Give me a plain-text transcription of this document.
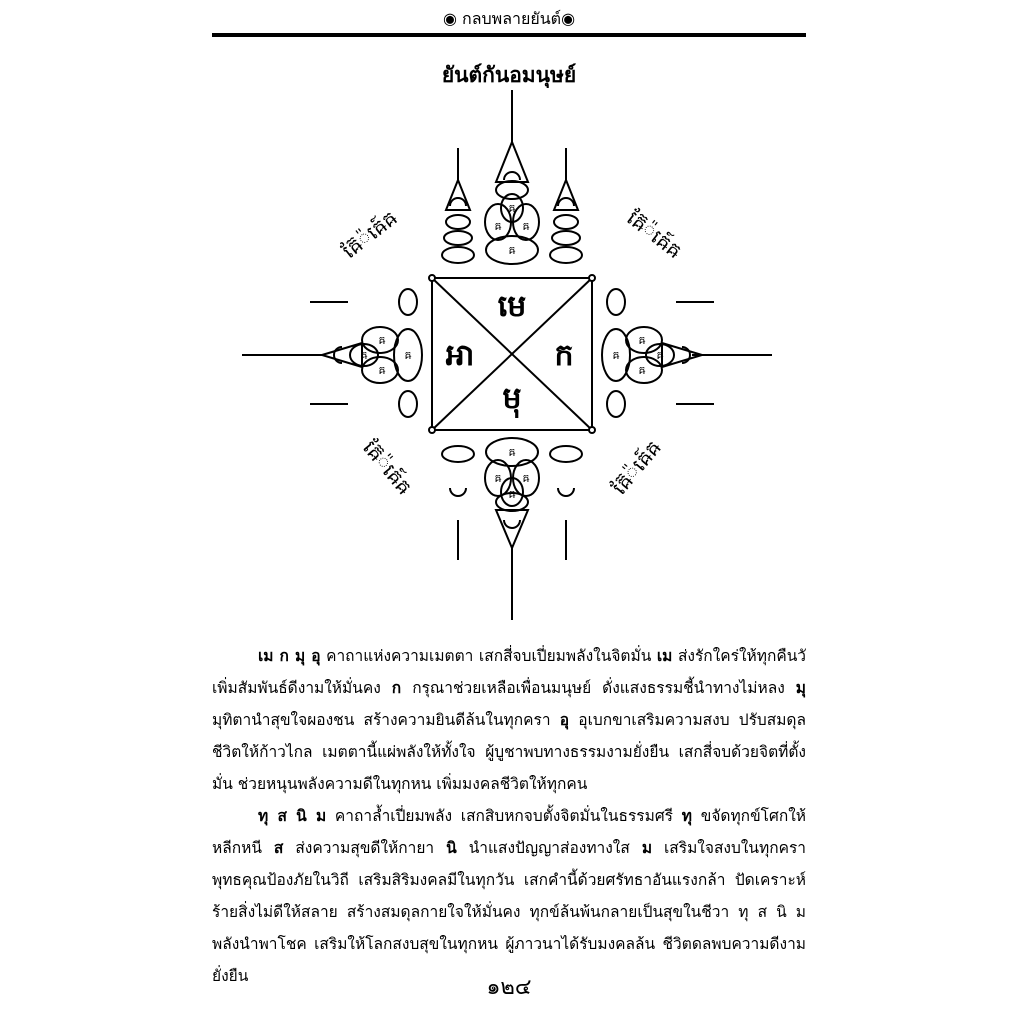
◉ กลบพลายยันต์◉
ยันต์กันอมนุษย์
មេ
ឤ	ក
មុ
ឝ
ឝ ឝ
ឝ
ឝ
ឝ ឝ
ឝ
ឝ
ឝ
ឝ
ឝ	ឝ
ឝ
ឝ
ឝ
ឝ៊ែ៉ឝ៍េឝ	ឝ៊ែ៉ឝ៍េឝ
ឝ៊ែ៉ឝ៍េឝ	ឝ៊ែ៉ឝ៍េឝ

เม ก มุ อุ คาถาแห่งความเมตตา เสกสี่จบเปี่ยมพลังในจิตมั่น เม ส่งรักใคร่ให้ทุกคืนวั เพิ่มสัมพันธ์ดีงามให้มั่นคง ก กรุณาช่วยเหลือเพื่อนมนุษย์ ดั่งแสงธรรมชี้นำทางไม่หลง มุ มุทิตานำสุขใจผองชน สร้างความยินดีล้นในทุกครา อุ อุเบกขาเสริมความสงบ ปรับสมดุลชีวิตให้ก้าวไกล เมตตานี้แผ่พลังให้ทั้งใจ ผู้บูชาพบทางธรรมงามยั่งยืน เสกสี่จบด้วยจิตที่ตั้งมั่น ช่วยหนุนพลังความดีในทุกหน เพิ่มมงคลชีวิตให้ทุกคน

ทุ ส นิ ม คาถาล้ำเปี่ยมพลัง เสกสิบหกจบตั้งจิตมั่นในธรรมศรี ทุ ขจัดทุกข์โศกให้หลีกหนี ส ส่งความสุขดีให้กายา นิ นำแสงปัญญาส่องทางใส ม เสริมใจสงบในทุกครา พุทธคุณป้องภัยในวิถี เสริมสิริมงคลมีในทุกวัน เสกคำนี้ด้วยศรัทธาอันแรงกล้า ปัดเคราะห์ร้ายสิ่งไม่ดีให้สลาย สร้างสมดุลกายใจให้มั่นคง ทุกข์ล้นพ้นกลายเป็นสุขในชีวา ทุ ส นิ ม พลังนำพาโชค เสริมให้โลกสงบสุขในทุกหน ผู้ภาวนาได้รับมงคลล้น ชีวิตดลพบความดีงามยั่งยืน	๑๒๔
